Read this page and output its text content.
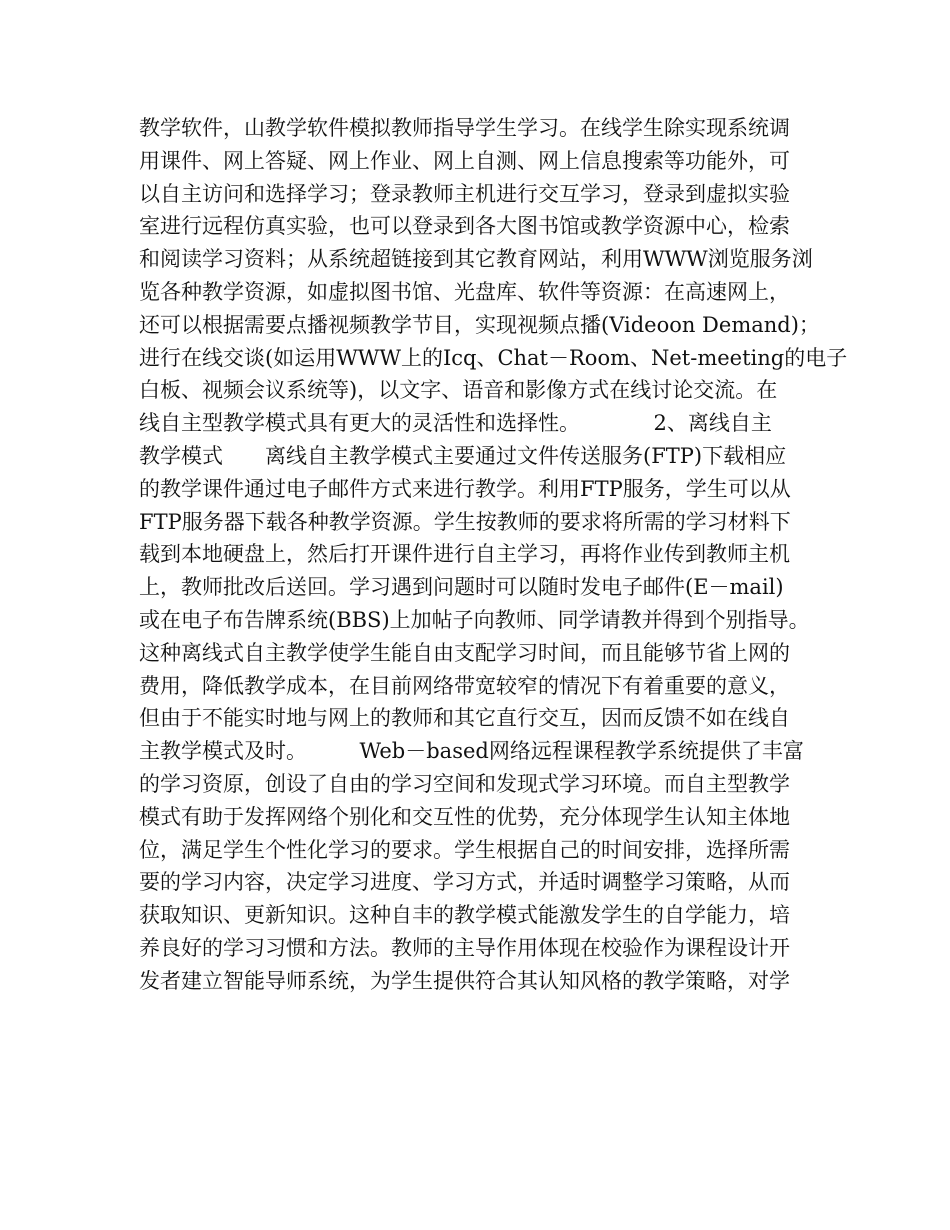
教学软件，山教学软件模拟教师指导学生学习。在线学生除实现系统调
用课件、网上答疑、网上作业、网上自测、网上信息搜索等功能外，可
以自主访问和选择学习；登录教师主机进行交互学习，登录到虚拟实验
室进行远程仿真实验，也可以登录到各大图书馆或教学资源中心，检索
和阅读学习资料；从系统超链接到其它教育网站，利用WWW浏览服务浏
览各种教学资源，如虚拟图书馆、光盘库、软件等资源：在高速网上，
还可以根据需要点播视频教学节目，实现视频点播(Videoon Demand)；
进行在线交谈(如运用WWW上的Icq、Chat－Room、Net-meeting的电子
白板、视频会议系统等)，以文字、语音和影像方式在线讨论交流。在
线自主型教学模式具有更大的灵活性和选择性。　　　　2、离线自主
教学模式　　离线自主教学模式主要通过文件传送服务(FTP)下载相应
的教学课件通过电子邮件方式来进行教学。利用FTP服务，学生可以从
FTP服务器下载各种教学资源。学生按教师的要求将所需的学习材料下
载到本地硬盘上，然后打开课件进行自主学习，再将作业传到教师主机
上，教师批改后送回。学习遇到问题时可以随时发电子邮件(E－mail)
或在电子布告牌系统(BBS)上加帖子向教师、同学请教并得到个别指导。
这种离线式自主教学使学生能自由支配学习时间，而且能够节省上网的
费用，降低教学成本，在目前网络带宽较窄的情况下有着重要的意义，
但由于不能实时地与网上的教师和其它直行交互，因而反馈不如在线自
主教学模式及时。　　　Web－based网络远程课程教学系统提供了丰富
的学习资原，创设了自由的学习空间和发现式学习环境。而自主型教学
模式有助于发挥网络个别化和交互性的优势，充分体现学生认知主体地
位，满足学生个性化学习的要求。学生根据自己的时间安排，选择所需
要的学习内容，决定学习进度、学习方式，并适时调整学习策略，从而
获取知识、更新知识。这种自丰的教学模式能激发学生的自学能力，培
养良好的学习习惯和方法。教师的主导作用体现在校验作为课程设计开
发者建立智能导师系统，为学生提供符合其认知风格的教学策略，对学
